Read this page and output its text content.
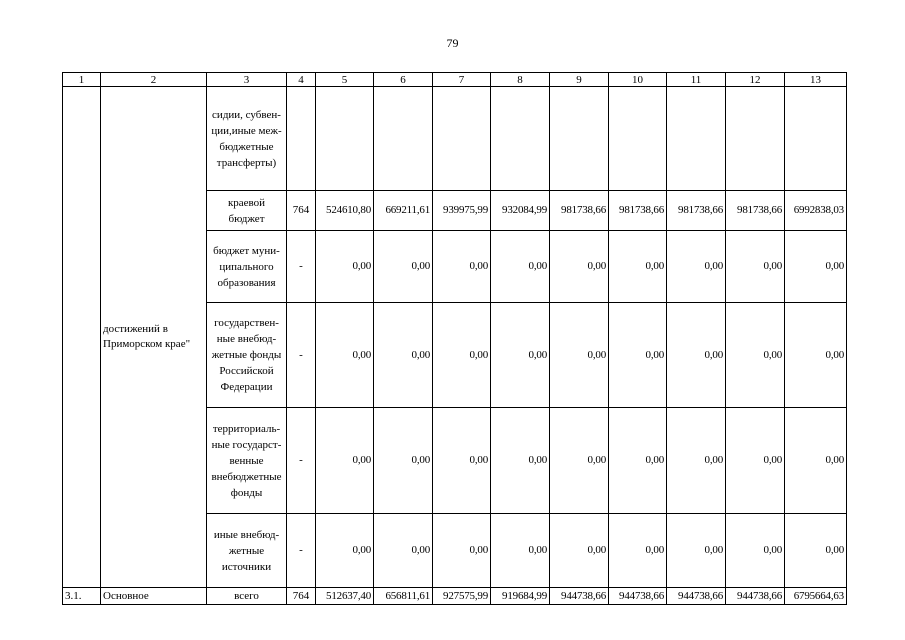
79
1	2	3	4	5	6	7	8	9	10	11	12	13
	достижений в Приморском крае"	сидии, субвен-ции,иные меж-бюджетные трансферты)										
		краевой бюджет	764	524610,80	669211,61	939975,99	932084,99	981738,66	981738,66	981738,66	981738,66	6992838,03
		бюджет муни-ципального образования	-	0,00	0,00	0,00	0,00	0,00	0,00	0,00	0,00	0,00
		государствен-ные внебюд-жетные фонды Российской Федерации	-	0,00	0,00	0,00	0,00	0,00	0,00	0,00	0,00	0,00
		территориаль-ные государст-венные внебюджетные фонды	-	0,00	0,00	0,00	0,00	0,00	0,00	0,00	0,00	0,00
		иные внебюд-жетные источники	-	0,00	0,00	0,00	0,00	0,00	0,00	0,00	0,00	0,00
3.1.	Основное	всего	764	512637,40	656811,61	927575,99	919684,99	944738,66	944738,66	944738,66	944738,66	6795664,63
